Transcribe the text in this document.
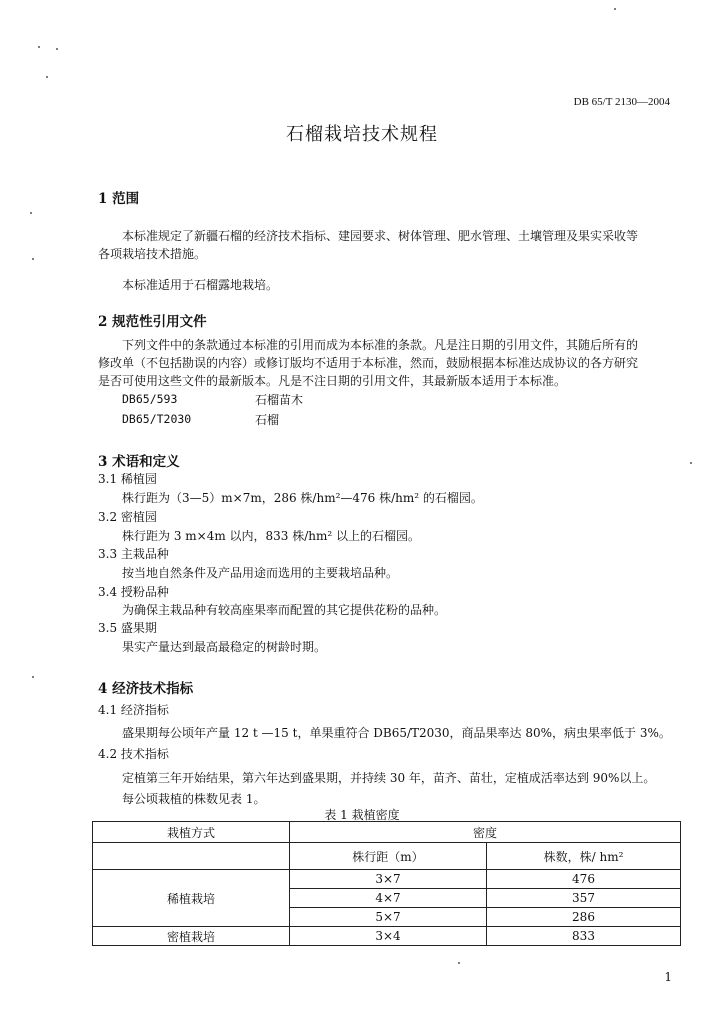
DB 65/T 2130—2004
石榴栽培技术规程
1 范围
本标准规定了新疆石榴的经济技术指标、建园要求、树体管理、肥水管理、土壤管理及果实采收等
各项栽培技术措施。
本标准适用于石榴露地栽培。
2 规范性引用文件
下列文件中的条款通过本标准的引用而成为本标准的条款。凡是注日期的引用文件，其随后所有的
修改单（不包括勘误的内容）或修订版均不适用于本标准，然而，鼓励根据本标准达成协议的各方研究
是否可使用这些文件的最新版本。凡是不注日期的引用文件，其最新版本适用于本标准。
DB65/593	石榴苗木
DB65/T2030	石榴
3 术语和定义
3.1 稀植园
株行距为（3—5）m×7m，286 株/hm²—476 株/hm² 的石榴园。
3.2 密植园
株行距为 3 m×4m 以内，833 株/hm² 以上的石榴园。
3.3 主栽品种
按当地自然条件及产品用途而选用的主要栽培品种。
3.4 授粉品种
为确保主栽品种有较高座果率而配置的其它提供花粉的品种。
3.5 盛果期
果实产量达到最高最稳定的树龄时期。
4 经济技术指标
4.1 经济指标
盛果期每公顷年产量 12 t —15 t，单果重符合 DB65/T2030，商品果率达 80%，病虫果率低于 3%。
4.2 技术指标
定植第三年开始结果，第六年达到盛果期，并持续 30 年，苗齐、苗壮，定植成活率达到 90%以上。
每公顷栽植的株数见表 1。
表 1 栽植密度
栽植方式	密度	
	株行距（m）	株数，株/ hm²
稀植栽培	3×7	476
	4×7	357
	5×7	286
密植栽培	3×4	833
1
